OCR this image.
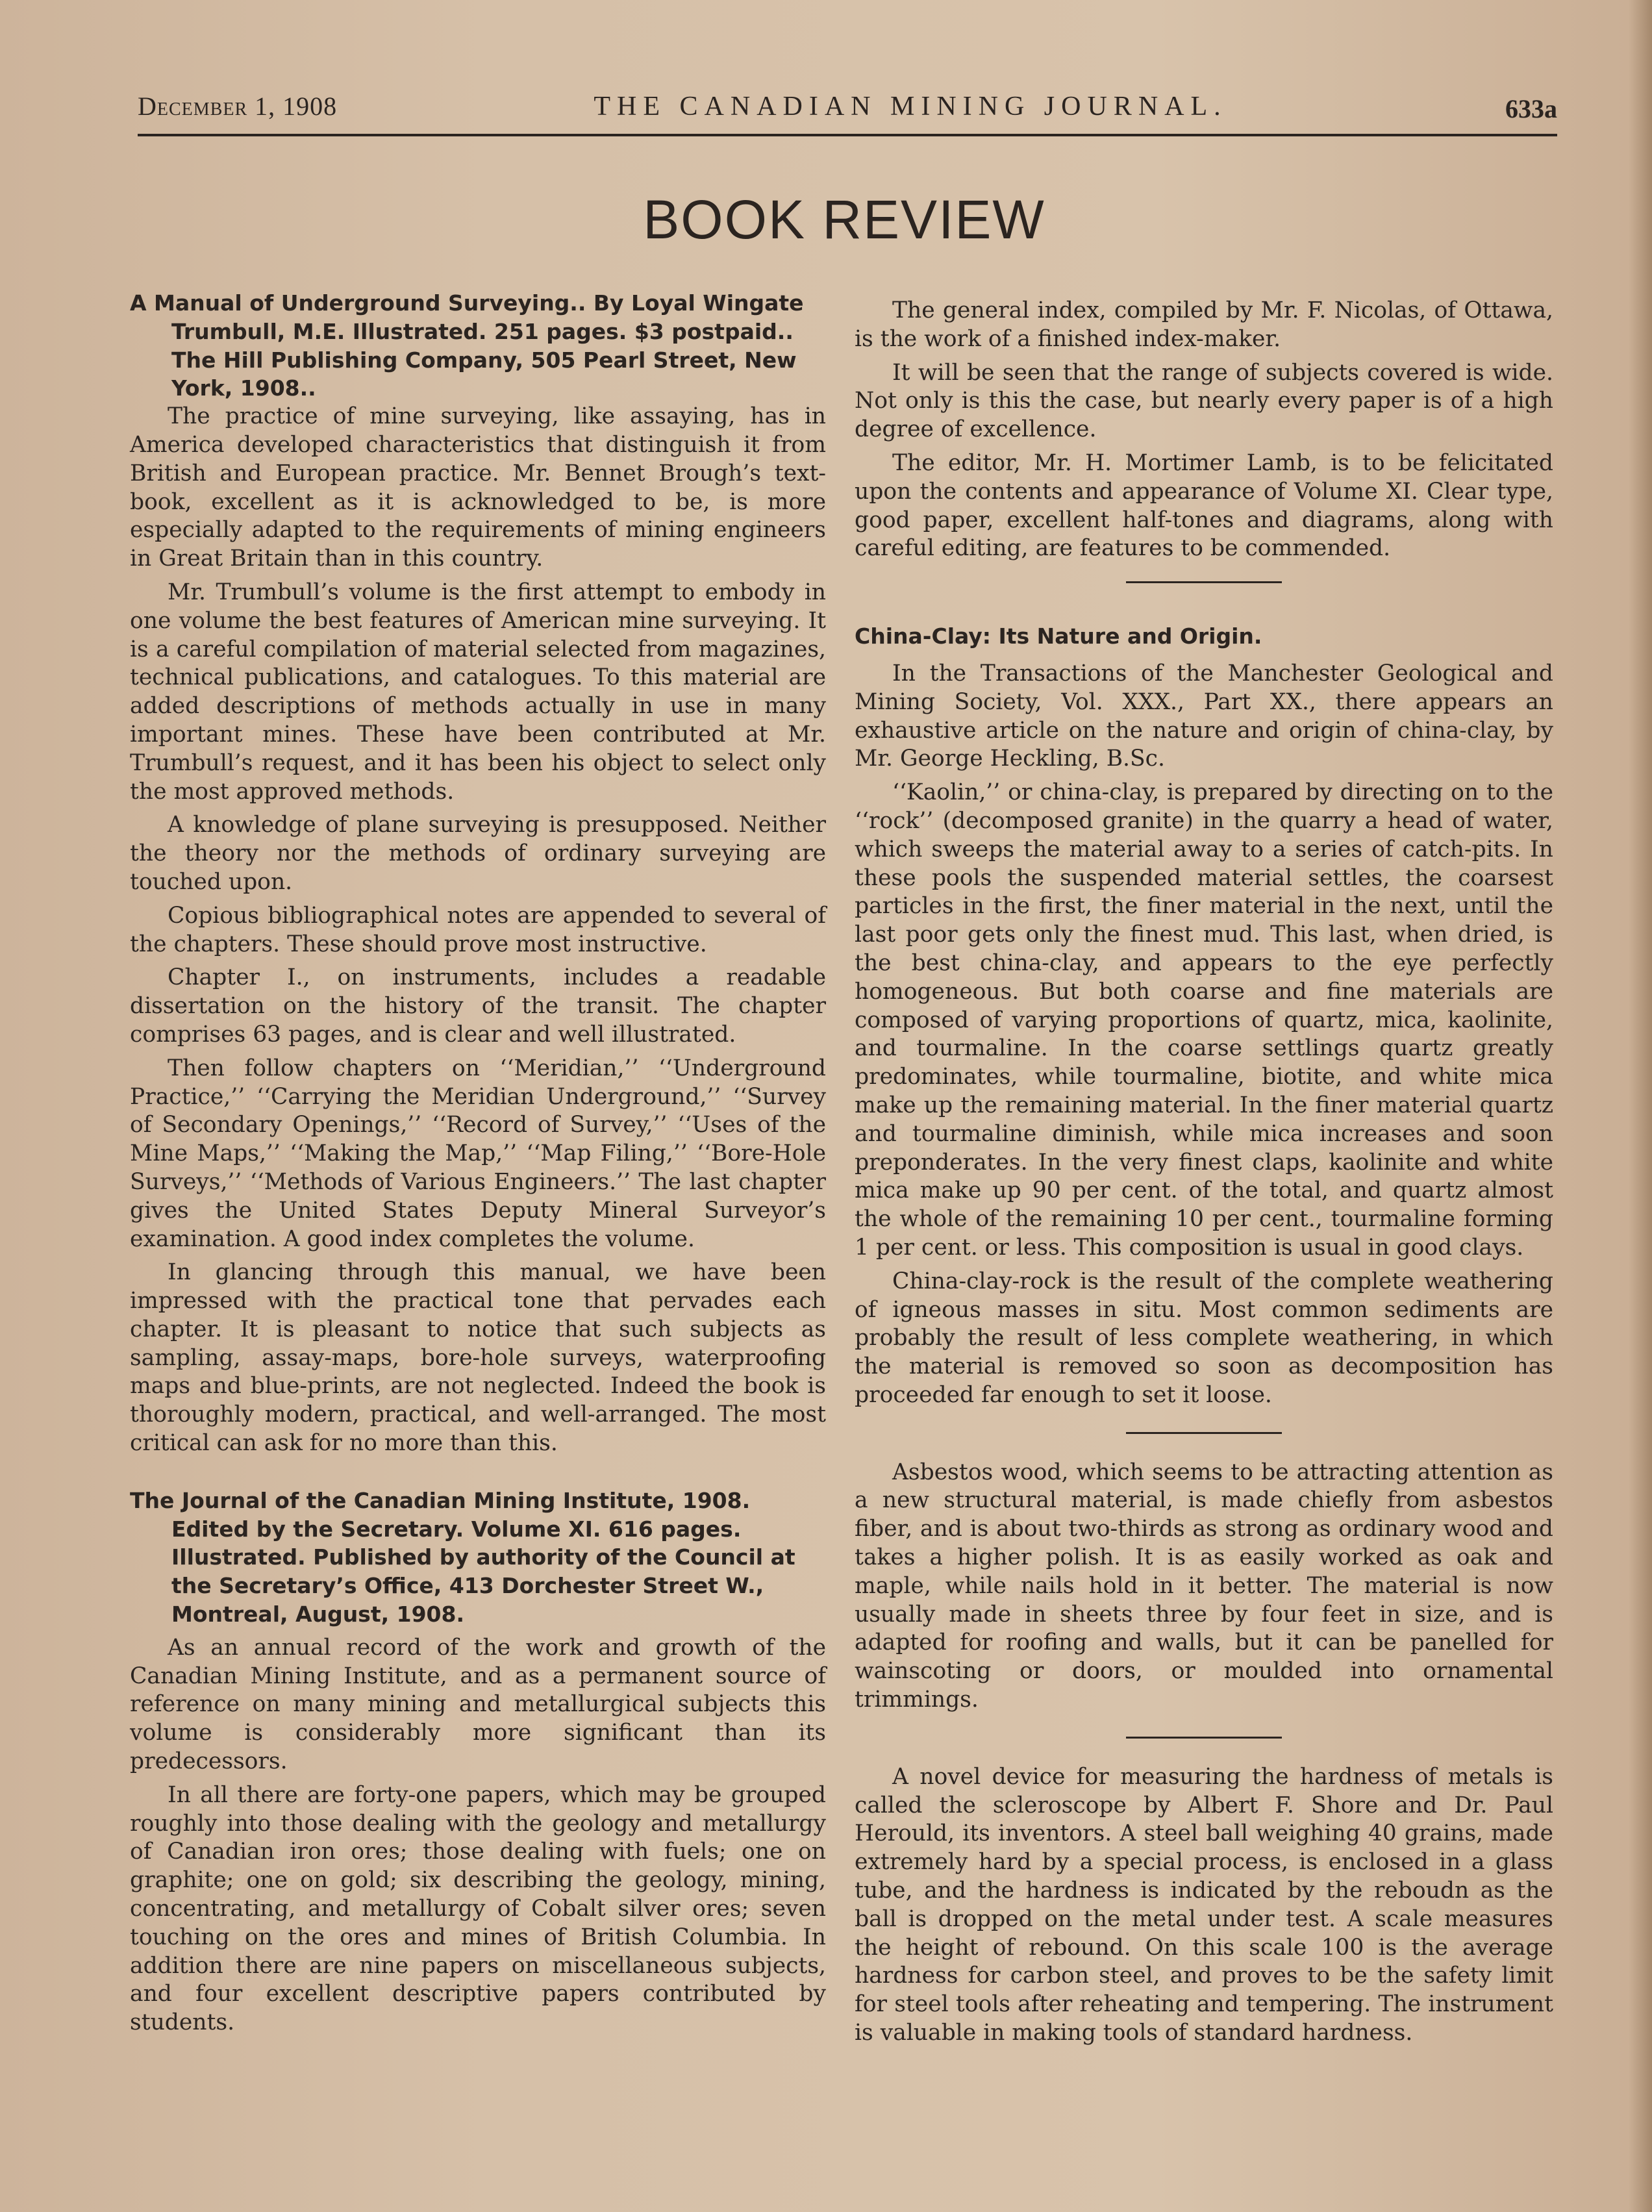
December 1, 1908	THE CANADIAN MINING JOURNAL.	633a
BOOK REVIEW
A Manual of Underground Surveying.. By Loyal Wingate Trumbull, M.E. Illustrated. 251 pages. $3 postpaid.. The Hill Publishing Company, 505 Pearl Street, New York, 1908..

The practice of mine surveying, like assaying, has in America developed characteristics that distinguish it from British and European practice. Mr. Bennet Brough’s text-book, excellent as it is acknowledged to be, is more especially adapted to the requirements of mining engineers in Great Britain than in this country.

Mr. Trumbull’s volume is the first attempt to embody in one volume the best features of American mine surveying. It is a careful compilation of material selected from magazines, technical publications, and catalogues. To this material are added descriptions of methods actually in use in many important mines. These have been contributed at Mr. Trumbull’s request, and it has been his object to select only the most approved methods.

A knowledge of plane surveying is presupposed. Neither the theory nor the methods of ordinary surveying are touched upon.

Copious bibliographical notes are appended to several of the chapters. These should prove most instructive.

Chapter I., on instruments, includes a readable dissertation on the history of the transit. The chapter comprises 63 pages, and is clear and well illustrated.

Then follow chapters on ‘‘Meridian,’’ ‘‘Underground Practice,’’ ‘‘Carrying the Meridian Underground,’’ ‘‘Survey of Secondary Openings,’’ ‘‘Record of Survey,’’ ‘‘Uses of the Mine Maps,’’ ‘‘Making the Map,’’ ‘‘Map Filing,’’ ‘‘Bore-Hole Surveys,’’ ‘‘Methods of Various Engineers.’’ The last chapter gives the United States Deputy Mineral Surveyor’s examination. A good index completes the volume.

In glancing through this manual, we have been impressed with the practical tone that pervades each chapter. It is pleasant to notice that such subjects as sampling, assay-maps, bore-hole surveys, waterproofing maps and blue-prints, are not neglected. Indeed the book is thoroughly modern, practical, and well-arranged. The most critical can ask for no more than this.

The Journal of the Canadian Mining Institute, 1908. Edited by the Secretary. Volume XI. 616 pages. Illustrated. Published by authority of the Council at the Secretary’s Office, 413 Dorchester Street W., Montreal, August, 1908.

As an annual record of the work and growth of the Canadian Mining Institute, and as a permanent source of reference on many mining and metallurgical subjects this volume is considerably more significant than its predecessors.

In all there are forty-one papers, which may be grouped roughly into those dealing with the geology and metallurgy of Canadian iron ores; those dealing with fuels; one on graphite; one on gold; six describing the geology, mining, concentrating, and metallurgy of Cobalt silver ores; seven touching on the ores and mines of British Columbia. In addition there are nine papers on miscellaneous subjects, and four excellent descriptive papers contributed by students.

The general index, compiled by Mr. F. Nicolas, of Ottawa, is the work of a finished index-maker.

It will be seen that the range of subjects covered is wide. Not only is this the case, but nearly every paper is of a high degree of excellence.

The editor, Mr. H. Mortimer Lamb, is to be felicitated upon the contents and appearance of Volume XI. Clear type, good paper, excellent half-tones and diagrams, along with careful editing, are features to be commended.

China-Clay: Its Nature and Origin.

In the Transactions of the Manchester Geological and Mining Society, Vol. XXX., Part XX., there appears an exhaustive article on the nature and origin of china-clay, by Mr. George Heckling, B.Sc.

‘‘Kaolin,’’ or china-clay, is prepared by directing on to the ‘‘rock’’ (decomposed granite) in the quarry a head of water, which sweeps the material away to a series of catch-pits. In these pools the suspended material settles, the coarsest particles in the first, the finer material in the next, until the last poor gets only the finest mud. This last, when dried, is the best china-clay, and appears to the eye perfectly homogeneous. But both coarse and fine materials are composed of varying proportions of quartz, mica, kaolinite, and tourmaline. In the coarse settlings quartz greatly predominates, while tourmaline, biotite, and white mica make up the remaining material. In the finer material quartz and tourmaline diminish, while mica increases and soon preponderates. In the very finest claps, kaolinite and white mica make up 90 per cent. of the total, and quartz almost the whole of the remaining 10 per cent., tourmaline forming 1 per cent. or less. This composition is usual in good clays.

China-clay-rock is the result of the complete weathering of igneous masses in situ. Most common sediments are probably the result of less complete weathering, in which the material is removed so soon as decomposition has proceeded far enough to set it loose.

Asbestos wood, which seems to be attracting attention as a new structural material, is made chiefly from asbestos fiber, and is about two-thirds as strong as ordinary wood and takes a higher polish. It is as easily worked as oak and maple, while nails hold in it better. The material is now usually made in sheets three by four feet in size, and is adapted for roofing and walls, but it can be panelled for wainscoting or doors, or moulded into ornamental trimmings.

A novel device for measuring the hardness of metals is called the scleroscope by Albert F. Shore and Dr. Paul Herould, its inventors. A steel ball weighing 40 grains, made extremely hard by a special process, is enclosed in a glass tube, and the hardness is indicated by the reboudn as the ball is dropped on the metal under test. A scale measures the height of rebound. On this scale 100 is the average hardness for carbon steel, and proves to be the safety limit for steel tools after reheating and tempering. The instrument is valuable in making tools of standard hardness.
